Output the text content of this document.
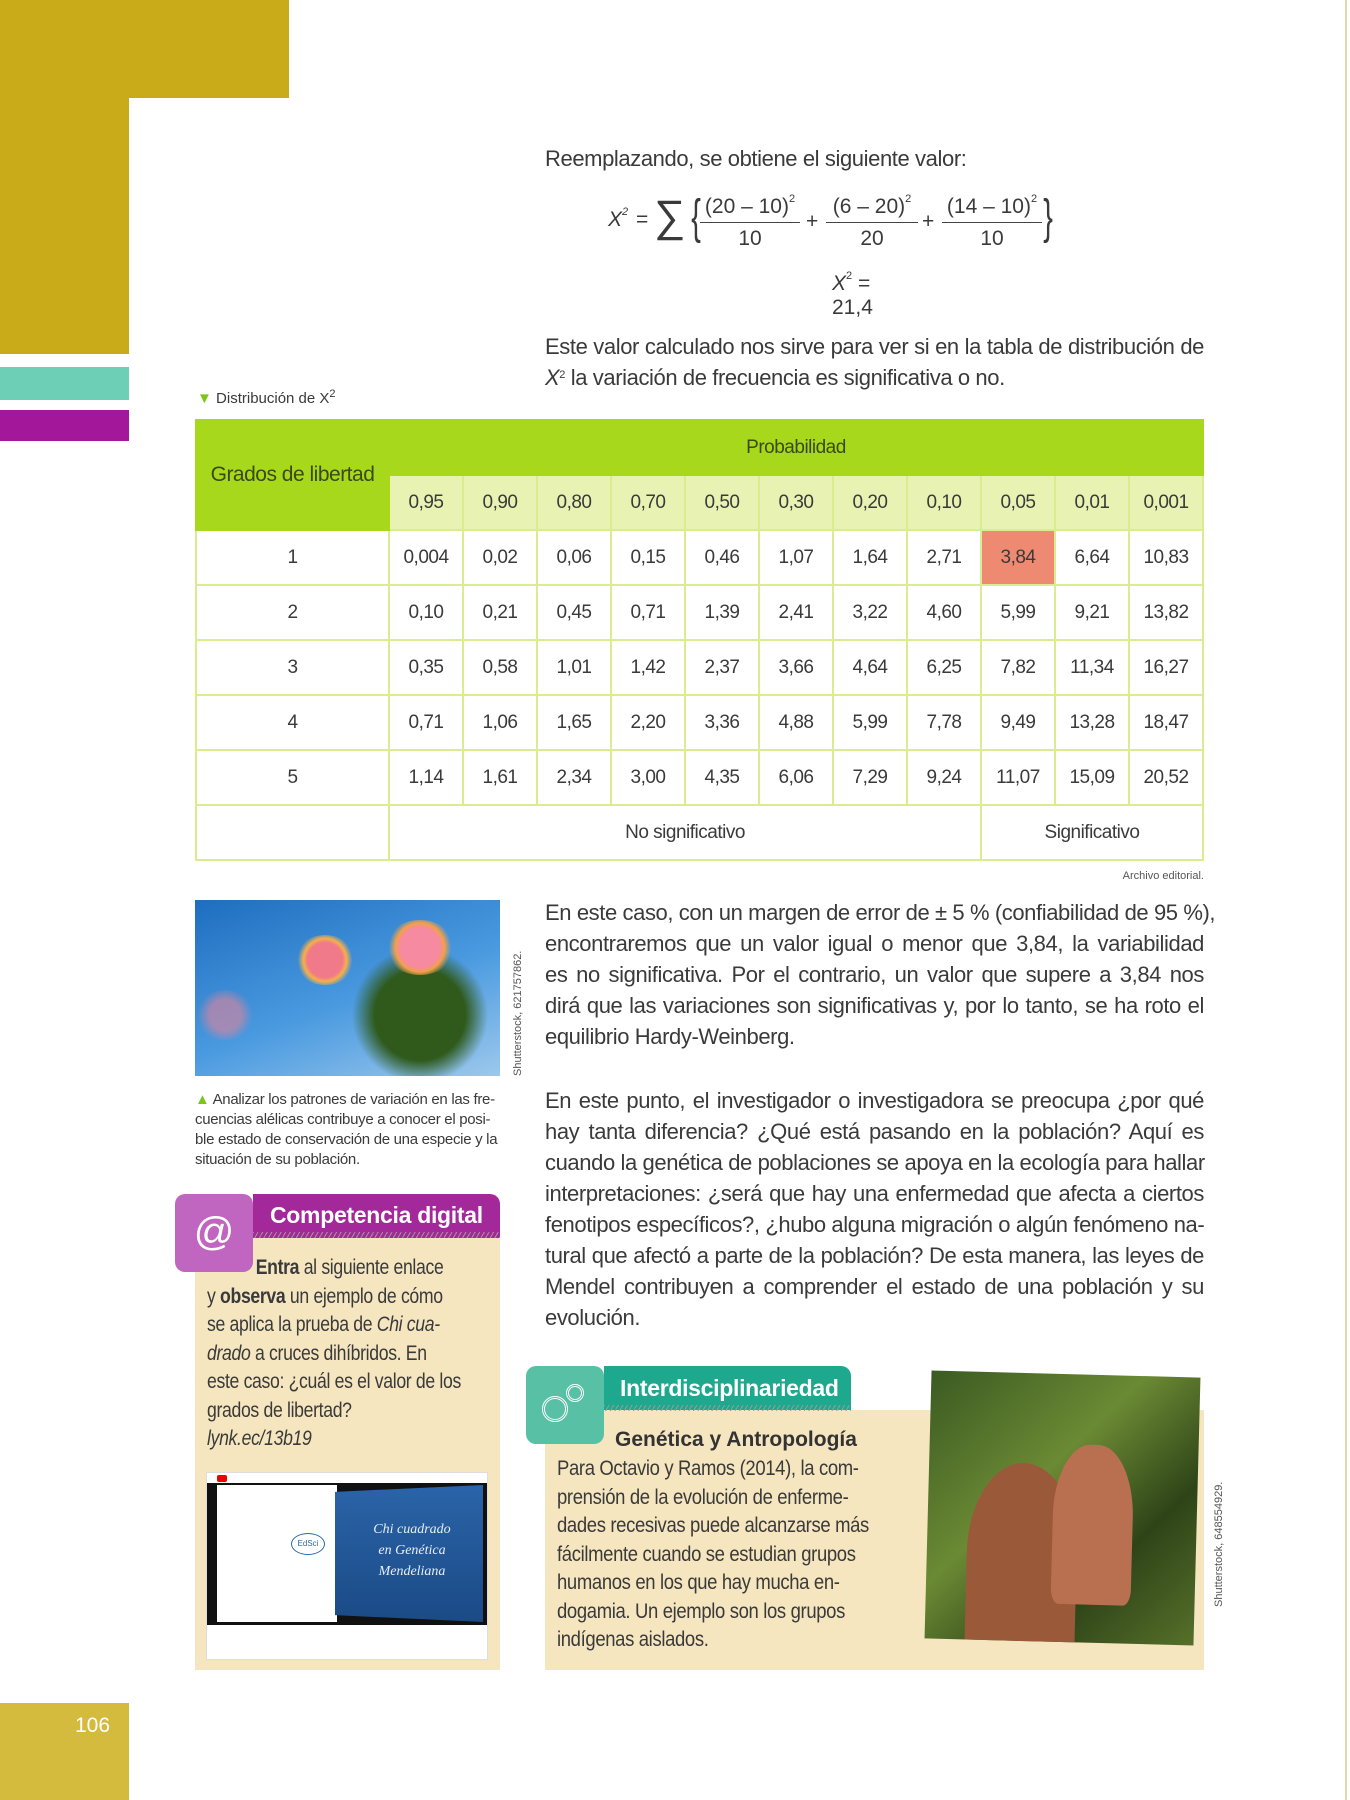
106
Reemplazando, se obtiene el siguiente valor:
$X^2$ = ∑ { $\frac{(20 - 10)^2}{10} + \frac{(6 - 20)^2}{20} + \frac{(14 - 10)^2}{10}$ }
$X^2 = 21,4$
Este valor calculado nos sirve para ver si en la tabla de distribución de
$X^2$ la variación de frecuencia es significativa o no.
▼ Distribución de $X^2$
Grados de libertad	Probabilidad										
	0,95	0,90	0,80	0,70	0,50	0,30	0,20	0,10	0,05	0,01	0,001
1	0,004	0,02	0,06	0,15	0,46	1,07	1,64	2,71	3,84	6,64	10,83
2	0,10	0,21	0,45	0,71	1,39	2,41	3,22	4,60	5,99	9,21	13,82
3	0,35	0,58	1,01	1,42	2,37	3,66	4,64	6,25	7,82	11,34	16,27
4	0,71	1,06	1,65	2,20	3,36	4,88	5,99	7,78	9,49	13,28	18,47
5	1,14	1,61	2,34	3,00	4,35	6,06	7,29	9,24	11,07	15,09	20,52
	No significativo								Significativo		
Archivo editorial.
Shutterstock, 621757862.
▲ Analizar los patrones de variación en las fre-
cuencias alélicas contribuye a conocer el posi-
ble estado de conservación de una especie y la
situación de su población.
En este caso, con un margen de error de ± 5 % (confiabilidad de 95 %),
encontraremos que un valor igual o menor que 3,84, la variabilidad
es no significativa. Por el contrario, un valor que supere a 3,84 nos
dirá que las variaciones son significativas y, por lo tanto, se ha roto el
equilibrio Hardy-Weinberg.
En este punto, el investigador o investigadora se preocupa ¿por qué
hay tanta diferencia? ¿Qué está pasando en la población? Aquí es
cuando la genética de poblaciones se apoya en la ecología para hallar
interpretaciones: ¿será que hay una enfermedad que afecta a ciertos
fenotipos específicos?, ¿hubo alguna migración o algún fenómeno na-
tural que afectó a parte de la población? De esta manera, las leyes de
Mendel contribuyen a comprender el estado de una población y su
evolución.
Competencia digital
@
Entra al siguiente enlace
y observa un ejemplo de cómo
se aplica la prueba de Chi cua-
drado a cruces dihíbridos. En
este caso: ¿cuál es el valor de los
grados de libertad?
lynk.ec/13b19
EdSci
Chi cuadrado
en Genética
Mendeliana
Interdisciplinariedad
Genética y Antropología
Para Octavio y Ramos (2014), la com-
prensión de la evolución de enferme-
dades recesivas puede alcanzarse más
fácilmente cuando se estudian grupos
humanos en los que hay mucha en-
dogamia. Un ejemplo son los grupos
indígenas aislados.
Shutterstock, 648554929.
